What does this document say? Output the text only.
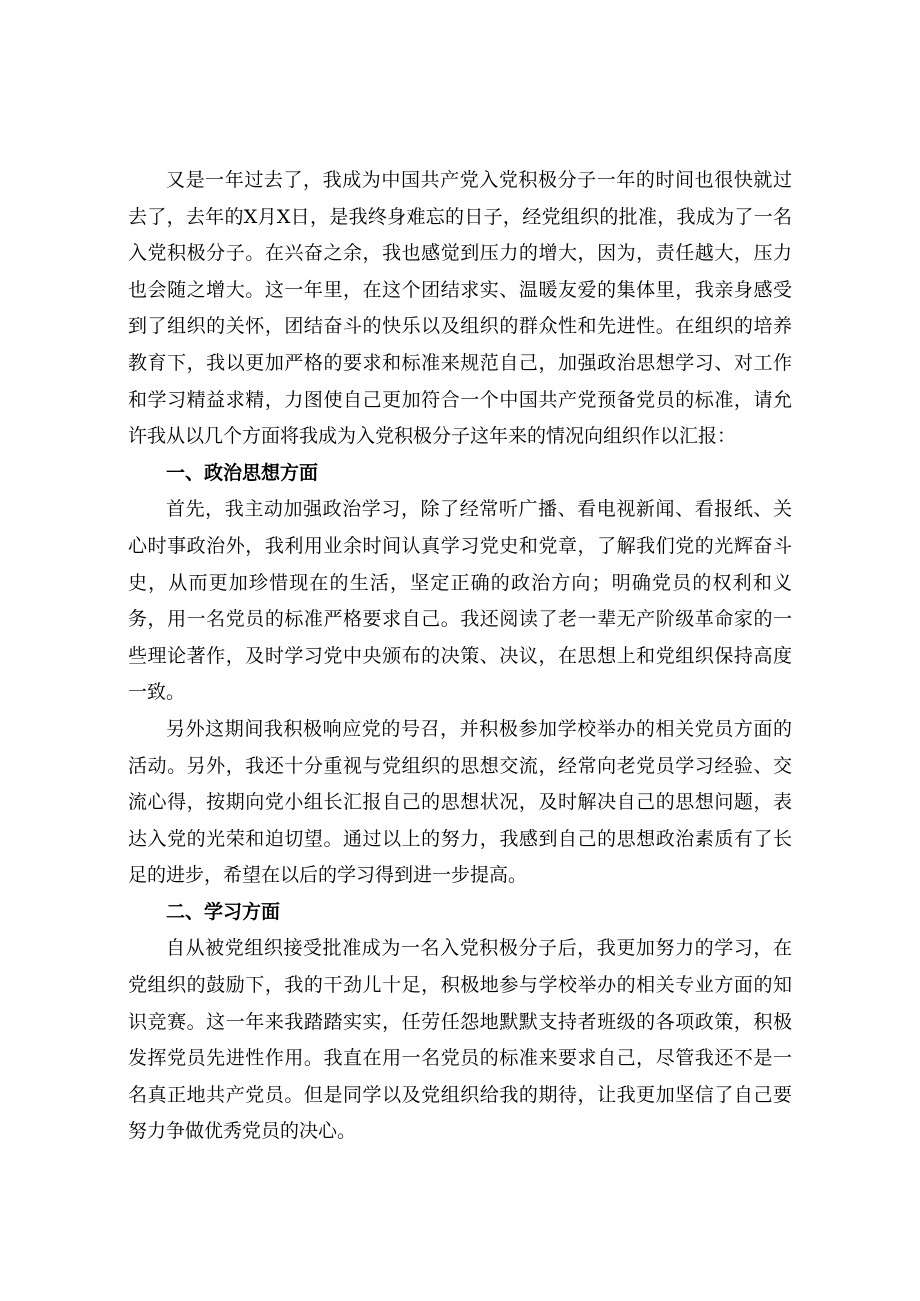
又是一年过去了，我成为中国共产党入党积极分子一年的时间也很快就过去了，去年的X月X日，是我终身难忘的日子，经党组织的批准，我成为了一名入党积极分子。在兴奋之余，我也感觉到压力的增大，因为，责任越大，压力也会随之增大。这一年里，在这个团结求实、温暖友爱的集体里，我亲身感受到了组织的关怀，团结奋斗的快乐以及组织的群众性和先进性。在组织的培养教育下，我以更加严格的要求和标准来规范自己，加强政治思想学习、对工作和学习精益求精，力图使自己更加符合一个中国共产党预备党员的标准，请允许我从以几个方面将我成为入党积极分子这年来的情况向组织作以汇报：

一、政治思想方面

首先，我主动加强政治学习，除了经常听广播、看电视新闻、看报纸、关心时事政治外，我利用业余时间认真学习党史和党章，了解我们党的光辉奋斗史，从而更加珍惜现在的生活，坚定正确的政治方向；明确党员的权利和义务，用一名党员的标准严格要求自己。我还阅读了老一辈无产阶级革命家的一些理论著作，及时学习党中央颁布的决策、决议，在思想上和党组织保持高度一致。

另外这期间我积极响应党的号召，并积极参加学校举办的相关党员方面的活动。另外，我还十分重视与党组织的思想交流，经常向老党员学习经验、交流心得，按期向党小组长汇报自己的思想状况，及时解决自己的思想问题，表达入党的光荣和迫切望。通过以上的努力，我感到自己的思想政治素质有了长足的进步，希望在以后的学习得到进一步提高。

二、学习方面

自从被党组织接受批准成为一名入党积极分子后，我更加努力的学习，在党组织的鼓励下，我的干劲儿十足，积极地参与学校举办的相关专业方面的知识竞赛。这一年来我踏踏实实，任劳任怨地默默支持者班级的各项政策，积极发挥党员先进性作用。我直在用一名党员的标准来要求自己，尽管我还不是一名真正地共产党员。但是同学以及党组织给我的期待，让我更加坚信了自己要努力争做优秀党员的决心。
